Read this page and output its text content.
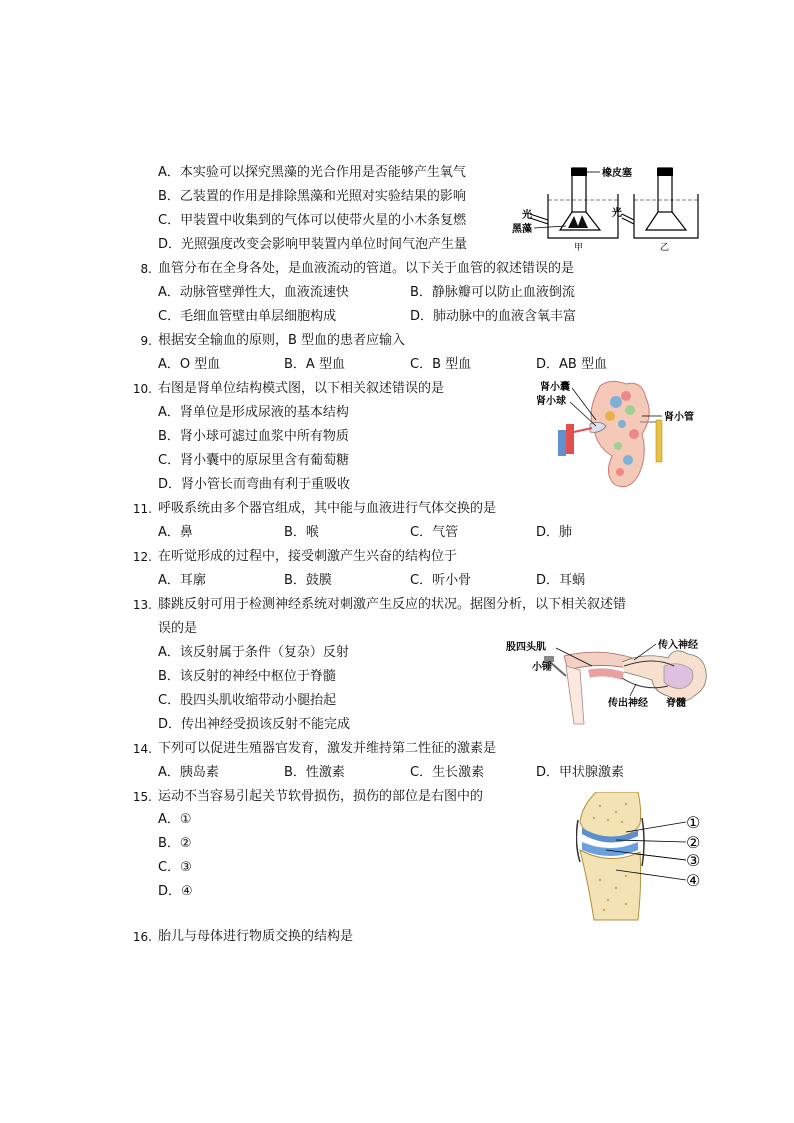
A．本实验可以探究黑藻的光合作用是否能够产生氧气
B．乙装置的作用是排除黑藻和光照对实验结果的影响
C．甲装置中收集到的气体可以使带火星的小木条复燃
D．光照强度改变会影响甲装置内单位时间气泡产生量
橡皮塞
光
黑藻
光
甲	乙
8. 血管分布在全身各处，是血液流动的管道。以下关于血管的叙述错误的是
A．动脉管壁弹性大，血液流速快	B．静脉瓣可以防止血液倒流
C．毛细血管壁由单层细胞构成	D．肺动脉中的血液含氧丰富
9. 根据安全输血的原则，B 型血的患者应输入
A．O 型血	B．A 型血	C．B 型血	D．AB 型血
10. 右图是肾单位结构模式图，以下相关叙述错误的是
A．肾单位是形成尿液的基本结构
B．肾小球可滤过血浆中所有物质
C．肾小囊中的原尿里含有葡萄糖
D．肾小管长而弯曲有利于重吸收
肾小囊
肾小球
肾小管
11. 呼吸系统由多个器官组成，其中能与血液进行气体交换的是
A．鼻	B．喉	C．气管	D．肺
12. 在听觉形成的过程中，接受刺激产生兴奋的结构位于
A．耳廓	B．鼓膜	C．听小骨	D．耳蜗
13. 膝跳反射可用于检测神经系统对刺激产生反应的状况。据图分析，以下相关叙述错
误的是
A．该反射属于条件（复杂）反射
B．该反射的神经中枢位于脊髓
C．股四头肌收缩带动小腿抬起
D．传出神经受损该反射不能完成
股四头肌
小锤
传入神经
传出神经 脊髓
14. 下列可以促进生殖器官发育，激发并维持第二性征的激素是
A．胰岛素	B．性激素	C．生长激素	D．甲状腺激素
15. 运动不当容易引起关节软骨损伤，损伤的部位是右图中的
A．①
B．②
C．③
D．④
①
②
③
④
16. 胎儿与母体进行物质交换的结构是
